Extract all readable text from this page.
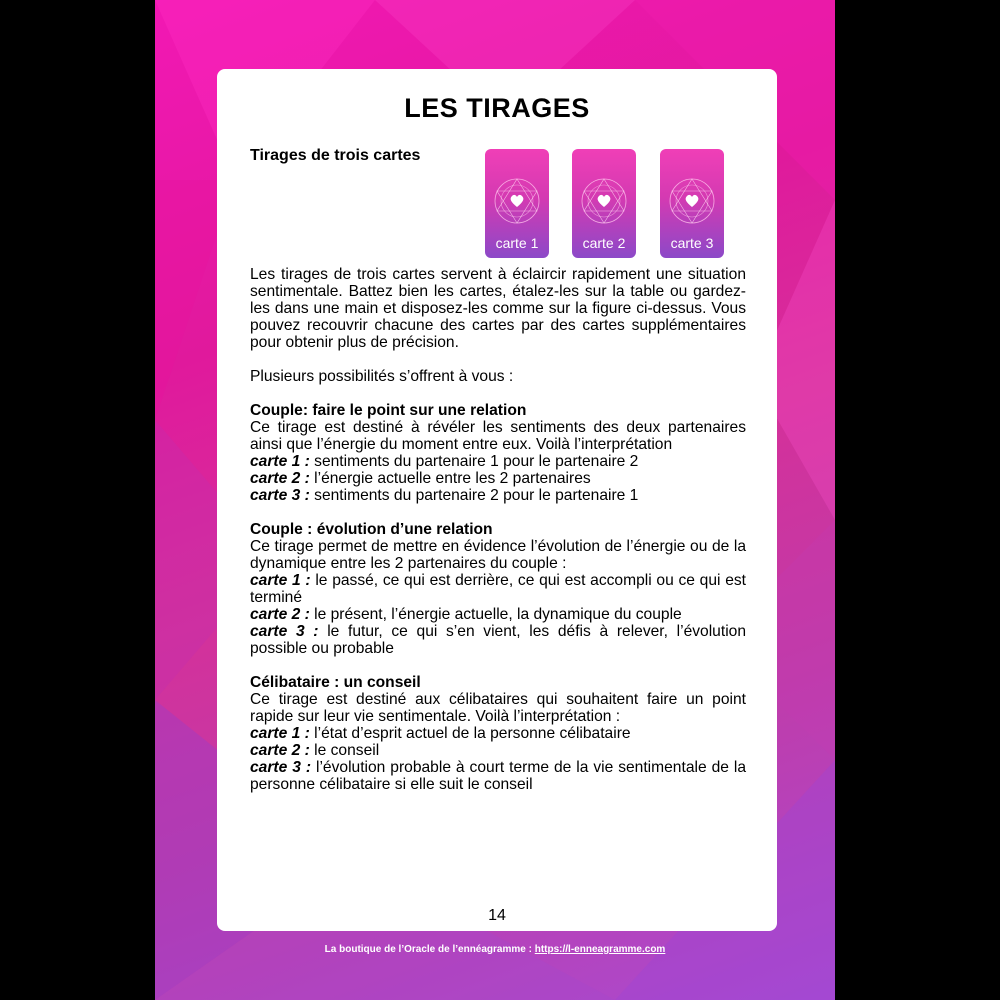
LES TIRAGES
Tirages de trois cartes
carte 1	carte 2	carte 3

Les tirages de trois cartes servent à éclaircir rapidement une situation sentimentale. Battez bien les cartes, étalez-les sur la table ou gardez-les dans une main et disposez-les comme sur la figure ci-dessus. Vous pouvez recouvrir chacune des cartes par des cartes supplémentaires pour obtenir plus de précision.

Plusieurs possibilités s’offrent à vous :

Couple: faire le point sur une relation

Ce tirage est destiné à révéler les sentiments des deux partenaires ainsi que l’énergie du moment entre eux. Voilà l’interprétation

carte 1 : sentiments du partenaire 1 pour le partenaire 2

carte 2 : l’énergie actuelle entre les 2 partenaires

carte 3 : sentiments du partenaire 2 pour le partenaire 1

Couple : évolution d’une relation

Ce tirage permet de mettre en évidence l’évolution de l’énergie ou de la dynamique entre les 2 partenaires du couple :

carte 1 : le passé, ce qui est derrière, ce qui est accompli ou ce qui est terminé

carte 2 : le présent, l’énergie actuelle, la dynamique du couple

carte 3 : le futur, ce qui s’en vient, les défis à relever, l’évolution possible ou probable

Célibataire : un conseil

Ce tirage est destiné aux célibataires qui souhaitent faire un point rapide sur leur vie sentimentale. Voilà l’interprétation :

carte 1 : l’état d’esprit actuel de la personne célibataire

carte 2 : le conseil

carte 3 : l’évolution probable à court terme de la vie sentimentale de la personne célibataire si elle suit le conseil

14
La boutique de l’Oracle de l’ennéagramme : https://l-enneagramme.com
